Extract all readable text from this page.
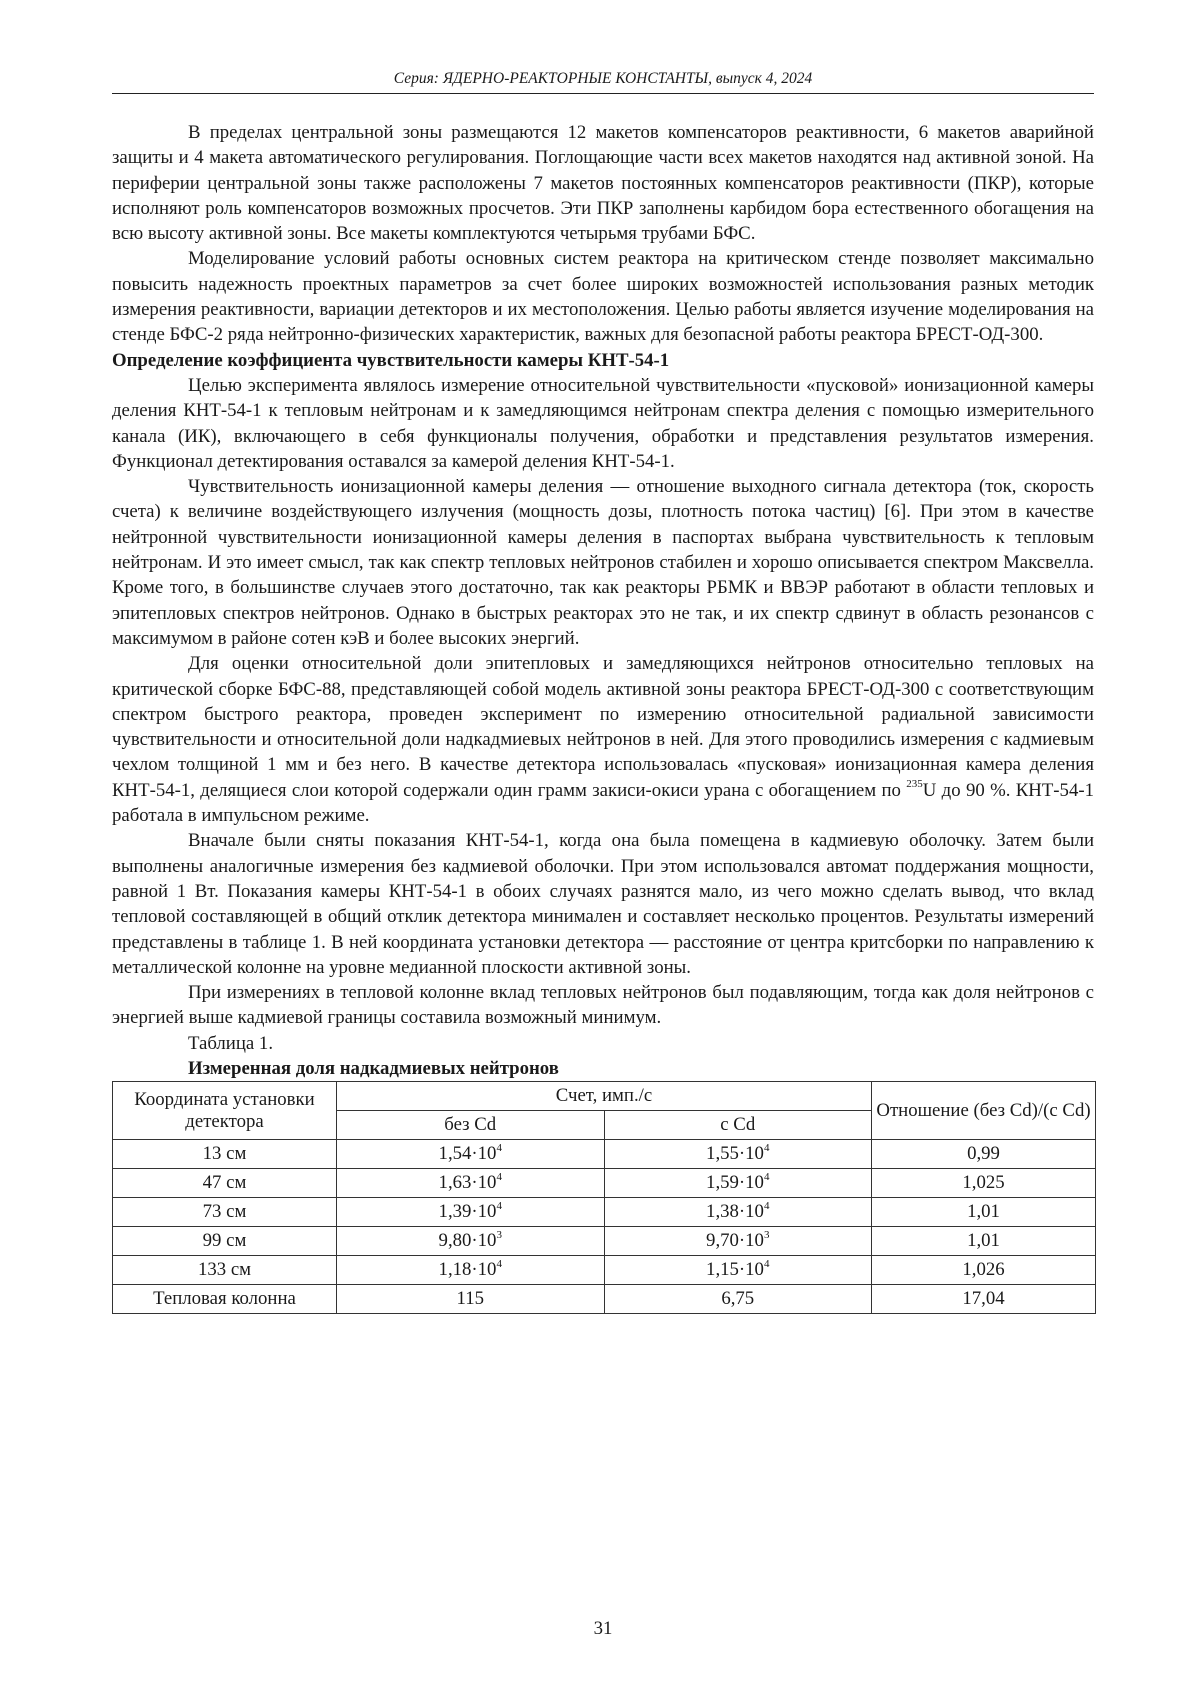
Серия: ЯДЕРНО-РЕАКТОРНЫЕ КОНСТАНТЫ, выпуск 4, 2024

В пределах центральной зоны размещаются 12 макетов компенсаторов реактивности, 6 макетов аварийной защиты и 4 макета автоматического регулирования. Поглощающие части всех макетов находятся над активной зоной. На периферии центральной зоны также расположены 7 макетов постоянных компенсаторов реактивности (ПКР), которые исполняют роль компенсаторов возможных просчетов. Эти ПКР заполнены карбидом бора естественного обогащения на всю высоту активной зоны. Все макеты комплектуются четырьмя трубами БФС.

Моделирование условий работы основных систем реактора на критическом стенде позволяет максимально повысить надежность проектных параметров за счет более широких возможностей использования разных методик измерения реактивности, вариации детекторов и их местоположения. Целью работы является изучение моделирования на стенде БФС-2 ряда нейтронно-физических характеристик, важных для безопасной работы реактора БРЕСТ-ОД-300.

Определение коэффициента чувствительности камеры КНТ-54-1

Целью эксперимента являлось измерение относительной чувствительности «пусковой» ионизационной камеры деления КНТ-54-1 к тепловым нейтронам и к замедляющимся нейтронам спектра деления с помощью измерительного канала (ИК), включающего в себя функционалы получения, обработки и представления результатов измерения. Функционал детектирования оставался за камерой деления КНТ-54-1.

Чувствительность ионизационной камеры деления — отношение выходного сигнала детектора (ток, скорость счета) к величине воздействующего излучения (мощность дозы, плотность потока частиц) [6]. При этом в качестве нейтронной чувствительности ионизационной камеры деления в паспортах выбрана чувствительность к тепловым нейтронам. И это имеет смысл, так как спектр тепловых нейтронов стабилен и хорошо описывается спектром Максвелла. Кроме того, в большинстве случаев этого достаточно, так как реакторы РБМК и ВВЭР работают в области тепловых и эпитепловых спектров нейтронов. Однако в быстрых реакторах это не так, и их спектр сдвинут в область резонансов с максимумом в районе сотен кэВ и более высоких энергий.

Для оценки относительной доли эпитепловых и замедляющихся нейтронов относительно тепловых на критической сборке БФС-88, представляющей собой модель активной зоны реактора БРЕСТ-ОД-300 с соответствующим спектром быстрого реактора, проведен эксперимент по измерению относительной радиальной зависимости чувствительности и относительной доли надкадмиевых нейтронов в ней. Для этого проводились измерения с кадмиевым чехлом толщиной 1 мм и без него. В качестве детектора использовалась «пусковая» ионизационная камера деления КНТ-54-1, делящиеся слои которой содержали один грамм закиси-окиси урана с обогащением по $^{235}$U до 90 %. КНТ-54-1 работала в импульсном режиме.

Вначале были сняты показания КНТ-54-1, когда она была помещена в кадмиевую оболочку. Затем были выполнены аналогичные измерения без кадмиевой оболочки. При этом использовался автомат поддержания мощности, равной 1 Вт. Показания камеры КНТ-54-1 в обоих случаях разнятся мало, из чего можно сделать вывод, что вклад тепловой составляющей в общий отклик детектора минимален и составляет несколько процентов. Результаты измерений представлены в таблице 1. В ней координата установки детектора — расстояние от центра критсборки по направлению к металлической колонне на уровне медианной плоскости активной зоны.

При измерениях в тепловой колонне вклад тепловых нейтронов был подавляющим, тогда как доля нейтронов с энергией выше кадмиевой границы составила возможный минимум.

Таблица 1.

Измеренная доля надкадмиевых нейтронов

Координата установки детектора	Счет, имп./с		Отношение (без Cd)/(с Cd)
	без Cd	с Cd	
13 см	$1,54\cdot 10^4$	$1,55\cdot 10^4$	0,99
47 см	$1,63\cdot 10^4$	$1,59\cdot 10^4$	1,025
73 см	$1,39\cdot 10^4$	$1,38\cdot 10^4$	1,01
99 см	$9,80\cdot 10^3$	$9,70\cdot 10^3$	1,01
133 см	$1,18\cdot 10^4$	$1,15\cdot 10^4$	1,026
Тепловая колонна	115	6,75	17,04
31
